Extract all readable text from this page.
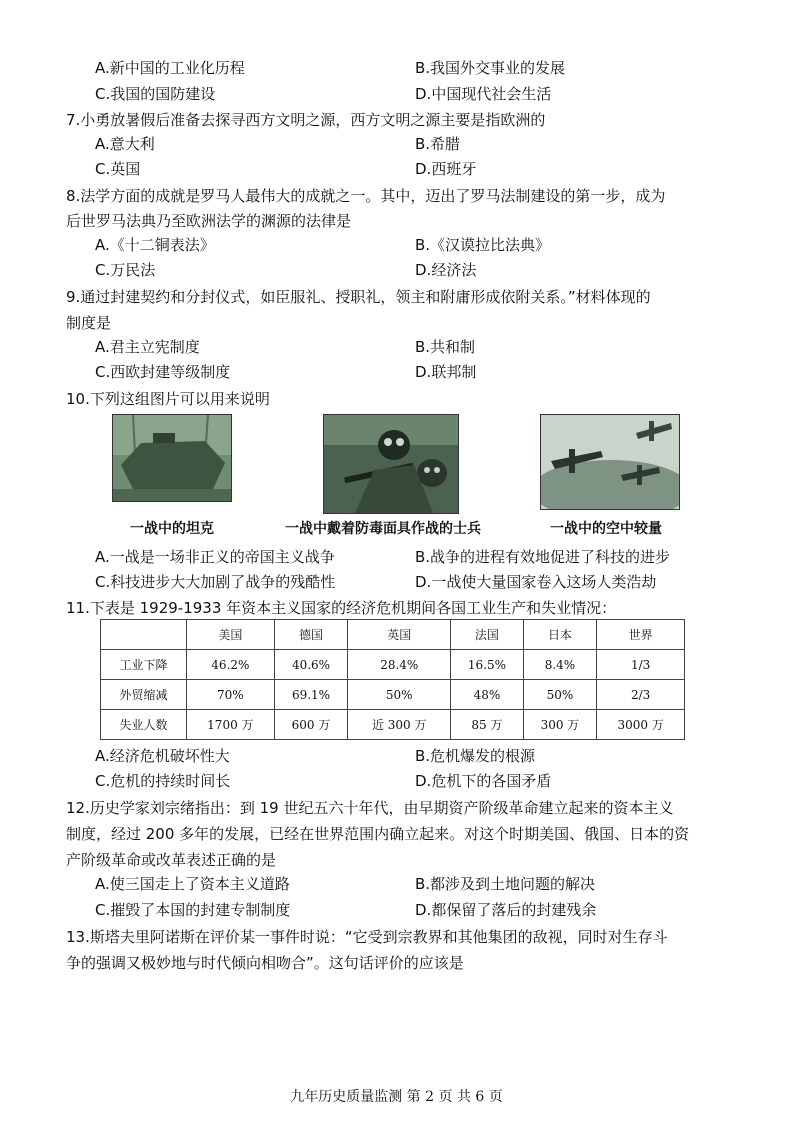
A.新中国的工业化历程	B.我国外交事业的发展
C.我国的国防建设	D.中国现代社会生活
7.小勇放暑假后准备去探寻西方文明之源，西方文明之源主要是指欧洲的
A.意大利	B.希腊
C.英国	D.西班牙
8.法学方面的成就是罗马人最伟大的成就之一。其中，迈出了罗马法制建设的第一步，成为
后世罗马法典乃至欧洲法学的渊源的法律是
A.《十二铜表法》	B.《汉谟拉比法典》
C.万民法	D.经济法
9.通过封建契约和分封仪式，如臣服礼、授职礼，领主和附庸形成依附关系。”材料体现的
制度是
A.君主立宪制度	B.共和制
C.西欧封建等级制度	D.联邦制
10.下列这组图片可以用来说明
一战中的坦克	一战中戴着防毒面具作战的士兵	一战中的空中较量
A.一战是一场非正义的帝国主义战争	B.战争的进程有效地促进了科技的进步
C.科技进步大大加剧了战争的残酷性	D.一战使大量国家卷入这场人类浩劫
11.下表是 1929-1933 年资本主义国家的经济危机期间各国工业生产和失业情况：
	美国	德国	英国	法国	日本	世界
工业下降	46.2%	40.6%	28.4%	16.5%	8.4%	1/3
外贸缩减	70%	69.1%	50%	48%	50%	2/3
失业人数	1700 万	600 万	近 300 万	85 万	300 万	3000 万
A.经济危机破坏性大	B.危机爆发的根源
C.危机的持续时间长	D.危机下的各国矛盾
12.历史学家刘宗绪指出：到 19 世纪五六十年代，由早期资产阶级革命建立起来的资本主义
制度，经过 200 多年的发展，已经在世界范围内确立起来。对这个时期美国、俄国、日本的资
产阶级革命或改革表述正确的是
A.使三国走上了资本主义道路	B.都涉及到土地问题的解决
C.摧毁了本国的封建专制制度	D.都保留了落后的封建残余
13.斯塔夫里阿诺斯在评价某一事件时说：“它受到宗教界和其他集团的敌视，同时对生存斗
争的强调又极妙地与时代倾向相吻合”。这句话评价的应该是
九年历史质量监测 第 2 页 共 6 页
